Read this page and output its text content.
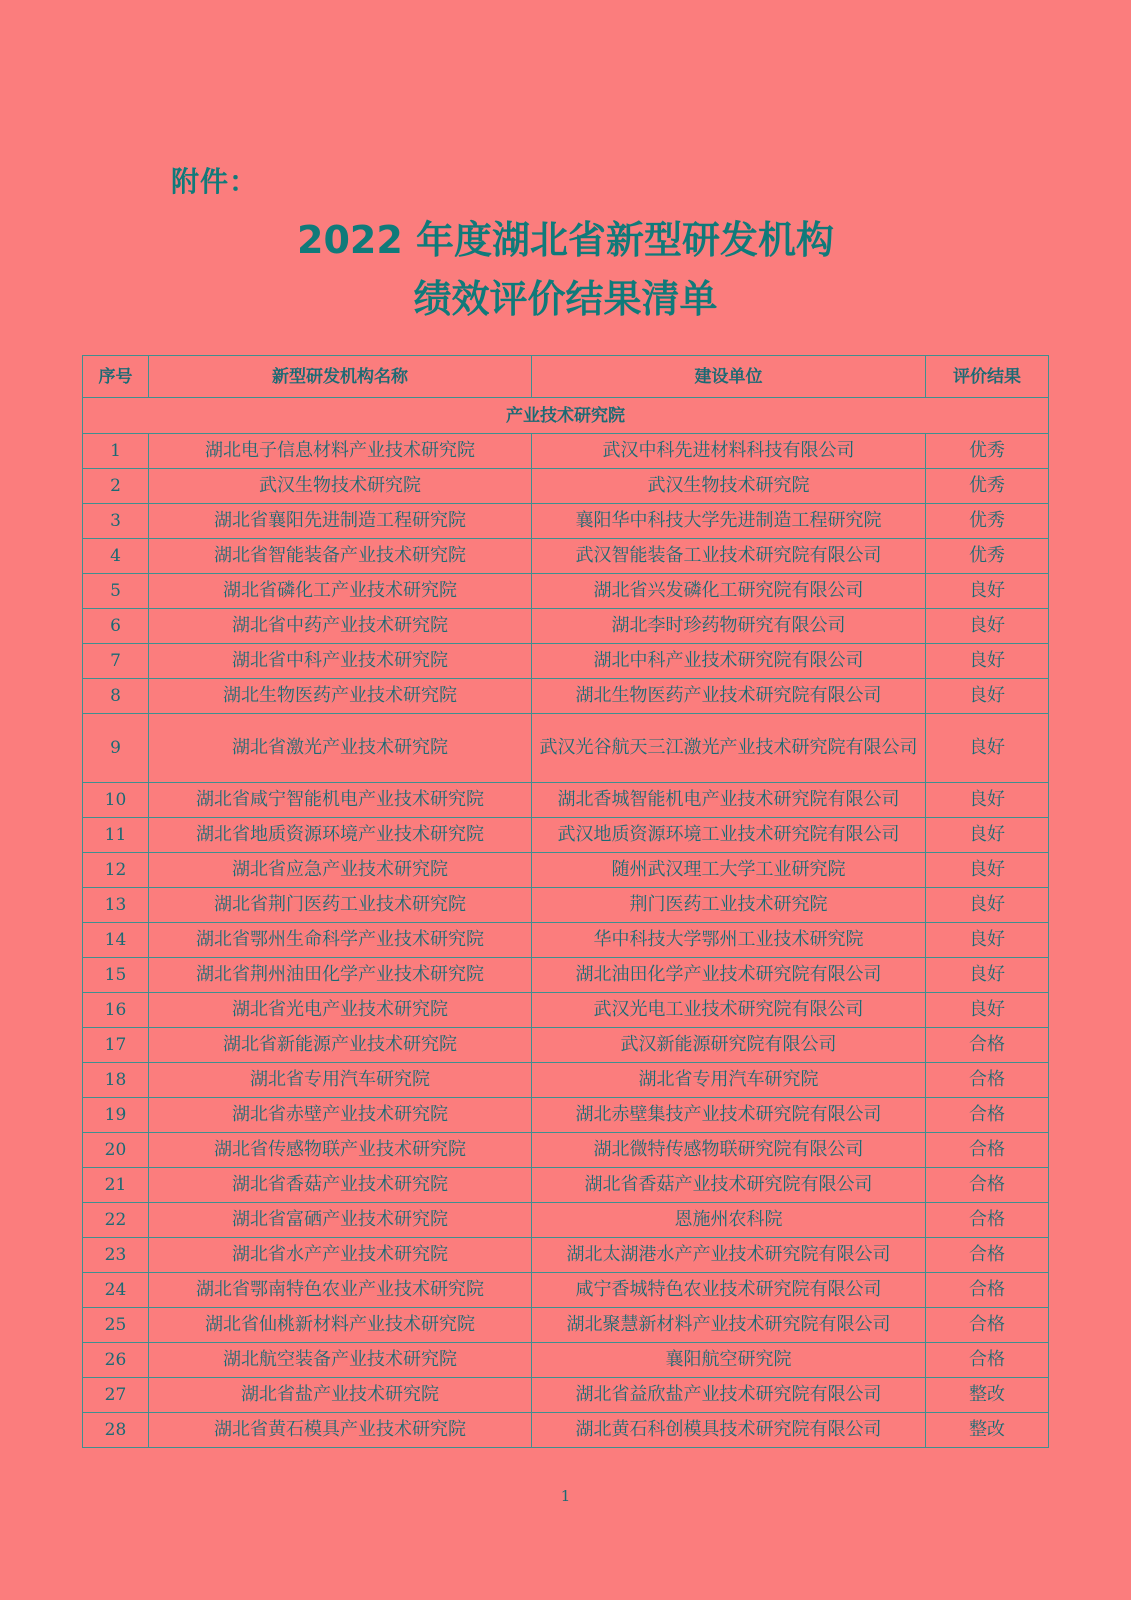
附件：
2022 年度湖北省新型研发机构
绩效评价结果清单
序号	新型研发机构名称	建设单位	评价结果
产业技术研究院			
1	湖北电子信息材料产业技术研究院	武汉中科先进材料科技有限公司	优秀
2	武汉生物技术研究院	武汉生物技术研究院	优秀
3	湖北省襄阳先进制造工程研究院	襄阳华中科技大学先进制造工程研究院	优秀
4	湖北省智能装备产业技术研究院	武汉智能装备工业技术研究院有限公司	优秀
5	湖北省磷化工产业技术研究院	湖北省兴发磷化工研究院有限公司	良好
6	湖北省中药产业技术研究院	湖北李时珍药物研究有限公司	良好
7	湖北省中科产业技术研究院	湖北中科产业技术研究院有限公司	良好
8	湖北生物医药产业技术研究院	湖北生物医药产业技术研究院有限公司	良好
9	湖北省激光产业技术研究院	武汉光谷航天三江激光产业技术研究院有限公司	良好
10	湖北省咸宁智能机电产业技术研究院	湖北香城智能机电产业技术研究院有限公司	良好
11	湖北省地质资源环境产业技术研究院	武汉地质资源环境工业技术研究院有限公司	良好
12	湖北省应急产业技术研究院	随州武汉理工大学工业研究院	良好
13	湖北省荆门医药工业技术研究院	荆门医药工业技术研究院	良好
14	湖北省鄂州生命科学产业技术研究院	华中科技大学鄂州工业技术研究院	良好
15	湖北省荆州油田化学产业技术研究院	湖北油田化学产业技术研究院有限公司	良好
16	湖北省光电产业技术研究院	武汉光电工业技术研究院有限公司	良好
17	湖北省新能源产业技术研究院	武汉新能源研究院有限公司	合格
18	湖北省专用汽车研究院	湖北省专用汽车研究院	合格
19	湖北省赤壁产业技术研究院	湖北赤壁集技产业技术研究院有限公司	合格
20	湖北省传感物联产业技术研究院	湖北微特传感物联研究院有限公司	合格
21	湖北省香菇产业技术研究院	湖北省香菇产业技术研究院有限公司	合格
22	湖北省富硒产业技术研究院	恩施州农科院	合格
23	湖北省水产产业技术研究院	湖北太湖港水产产业技术研究院有限公司	合格
24	湖北省鄂南特色农业产业技术研究院	咸宁香城特色农业技术研究院有限公司	合格
25	湖北省仙桃新材料产业技术研究院	湖北聚慧新材料产业技术研究院有限公司	合格
26	湖北航空装备产业技术研究院	襄阳航空研究院	合格
27	湖北省盐产业技术研究院	湖北省益欣盐产业技术研究院有限公司	整改
28	湖北省黄石模具产业技术研究院	湖北黄石科创模具技术研究院有限公司	整改
1
